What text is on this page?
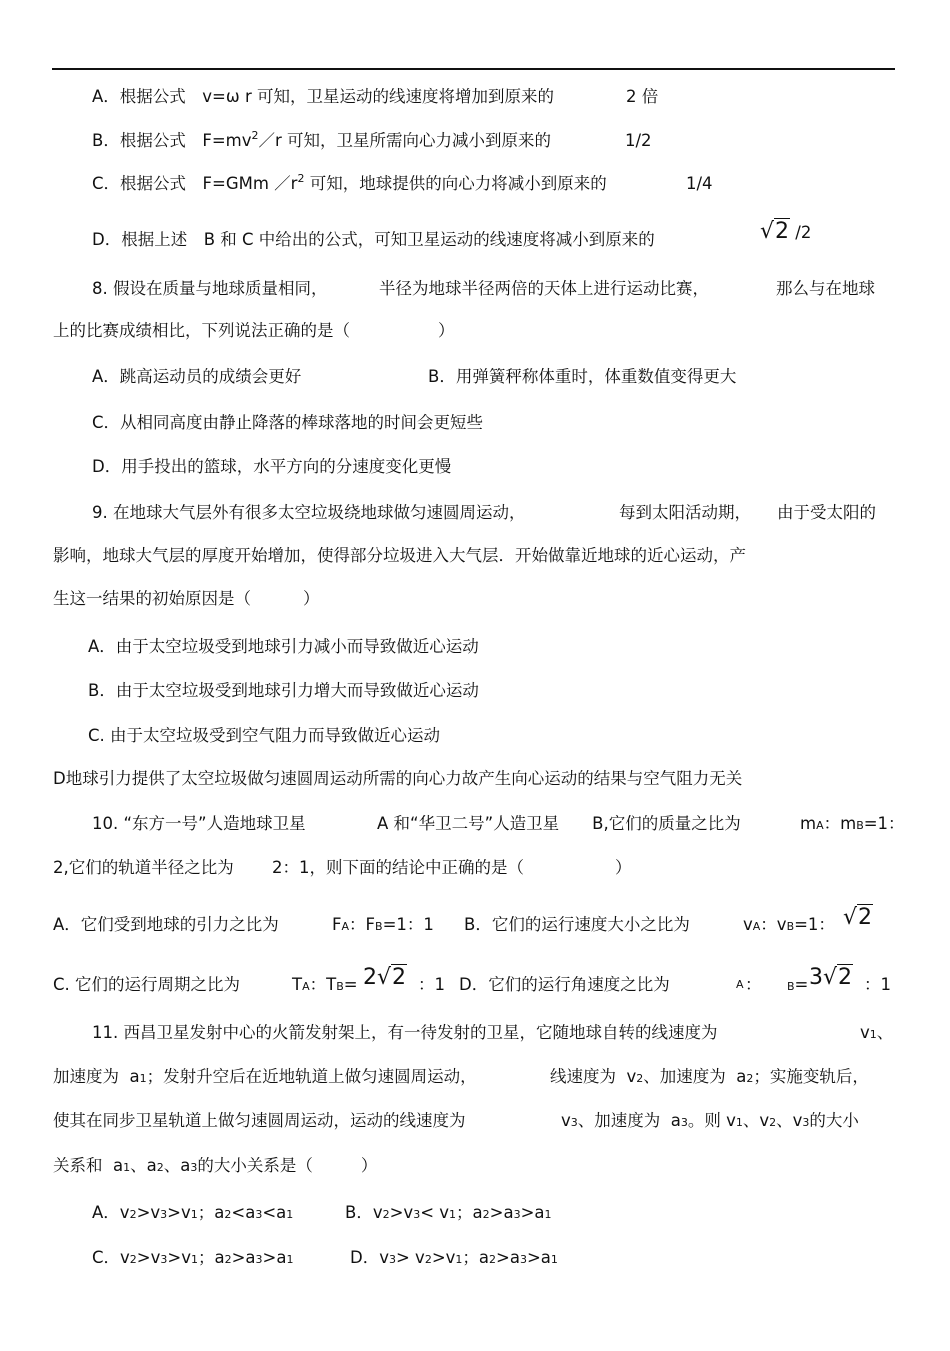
A．根据公式　v=ω r 可知，卫星运动的线速度将增加到原来的	2 倍
B．根据公式　$F=mv^2/r$ 可知，卫星所需向心力减小到原来的	1/2
C．根据公式　F=GMm $/r^2$ 可知，地球提供的向心力将减小到原来的	1/4
D．根据上述　B 和 C 中给出的公式，可知卫星运动的线速度将减小到原来的	√2 /2
8. 假设在质量与地球质量相同，	半径为地球半径两倍的天体上进行运动比赛，	那么与在地球
上的比赛成绩相比，下列说法正确的是（	）
A．跳高运动员的成绩会更好	B．用弹簧秤称体重时，体重数值变得更大
C．从相同高度由静止降落的棒球落地的时间会更短些
D．用手投出的篮球，水平方向的分速度变化更慢
9. 在地球大气层外有很多太空垃圾绕地球做匀速圆周运动，	每到太阳活动期， 由于受太阳的
影响，地球大气层的厚度开始增加，使得部分垃圾进入大气层．开始做靠近地球的近心运动，产
生这一结果的初始原因是（	）
A．由于太空垃圾受到地球引力减小而导致做近心运动
B．由于太空垃圾受到地球引力增大而导致做近心运动
C. 由于太空垃圾受到空气阻力而导致做近心运动
D地球引力提供了太空垃圾做匀速圆周运动所需的向心力故产生向心运动的结果与空气阻力无关
10. “东方一号”人造地球卫星	A 和“华卫二号”人造卫星　　B,它们的质量之比为	mA：mB=1：
2,它们的轨道半径之比为 2：1，则下面的结论中正确的是（	）
A．它们受到地球的引力之比为	FA：FB=1：1 B．它们的运行速度大小之比为	vA：vB=1： √2
C. 它们的运行周期之比为	TA：TB= 2√2 ：1 D．它们的运行角速度之比为	A ： B= 3√2 ：1
11. 西昌卫星发射中心的火箭发射架上，有一待发射的卫星，它随地球自转的线速度为	v1、
加速度为  a1；发射升空后在近地轨道上做匀速圆周运动，	线速度为  v2、加速度为  a2；实施变轨后，
使其在同步卫星轨道上做匀速圆周运动，运动的线速度为	v3、加速度为  a3。则 v1、v2、v3的大小
关系和  a1、a2、a3的大小关系是（	）
A．v2>v3>v1；a2<a3<a1	B．v2>v3< v1；a2>a3>a1
C．v2>v3>v1；a2>a3>a1	D．v3> v2>v1；a2>a3>a1
